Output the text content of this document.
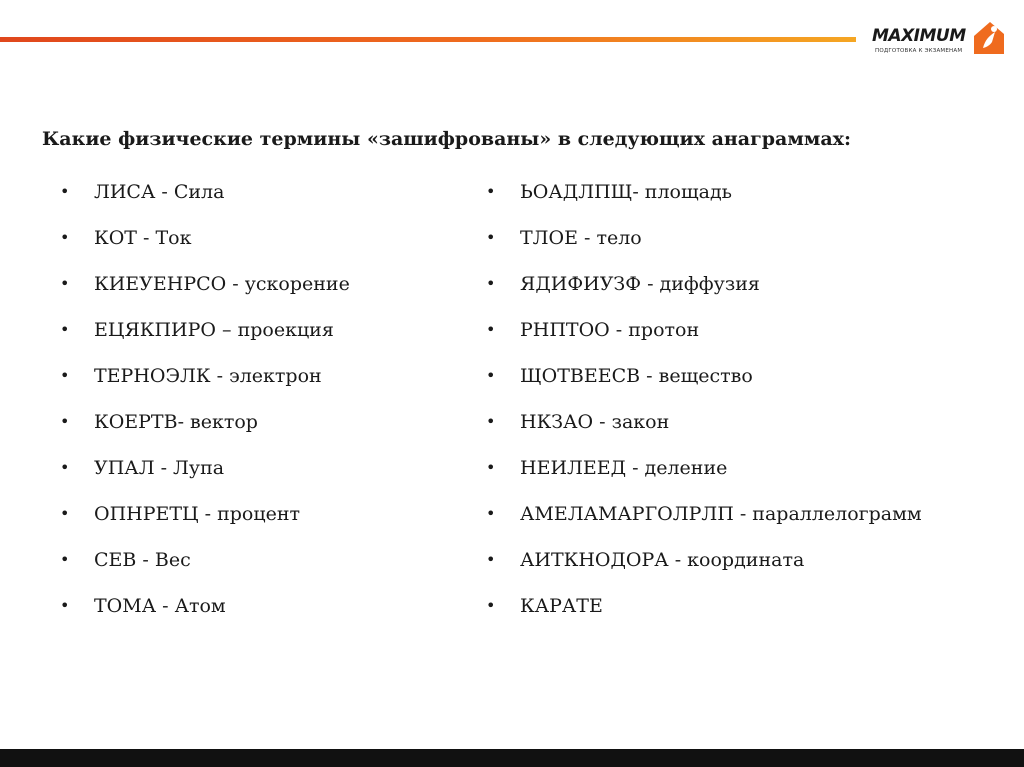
MAXIMUM
ПОДГОТОВКА К ЭКЗАМЕНАМ
Какие физические термины «зашифрованы» в следующих анаграммах:
• ЛИСА - Сила
• КОТ - Ток
• КИЕУЕНРСО - ускорение
• ЕЦЯКПИРО – проекция
• ТЕРНОЭЛК - электрон
• КОЕРТВ- вектор
• УПАЛ - Лупа
• ОПНРЕТЦ - процент
• СЕВ - Вес
• ТОМА - Атом
• ЬОАДЛПЩ- площадь
• ТЛОЕ - тело
• ЯДИФИУЗФ - диффузия
• РНПТОО - протон
• ЩОТВЕЕСВ - вещество
• НКЗАО - закон
• НЕИЛЕЕД - деление
• АМЕЛАМАРГОЛРЛП - параллелограмм
• АИТКНОДОРА - координата
• КАРАТЕ
